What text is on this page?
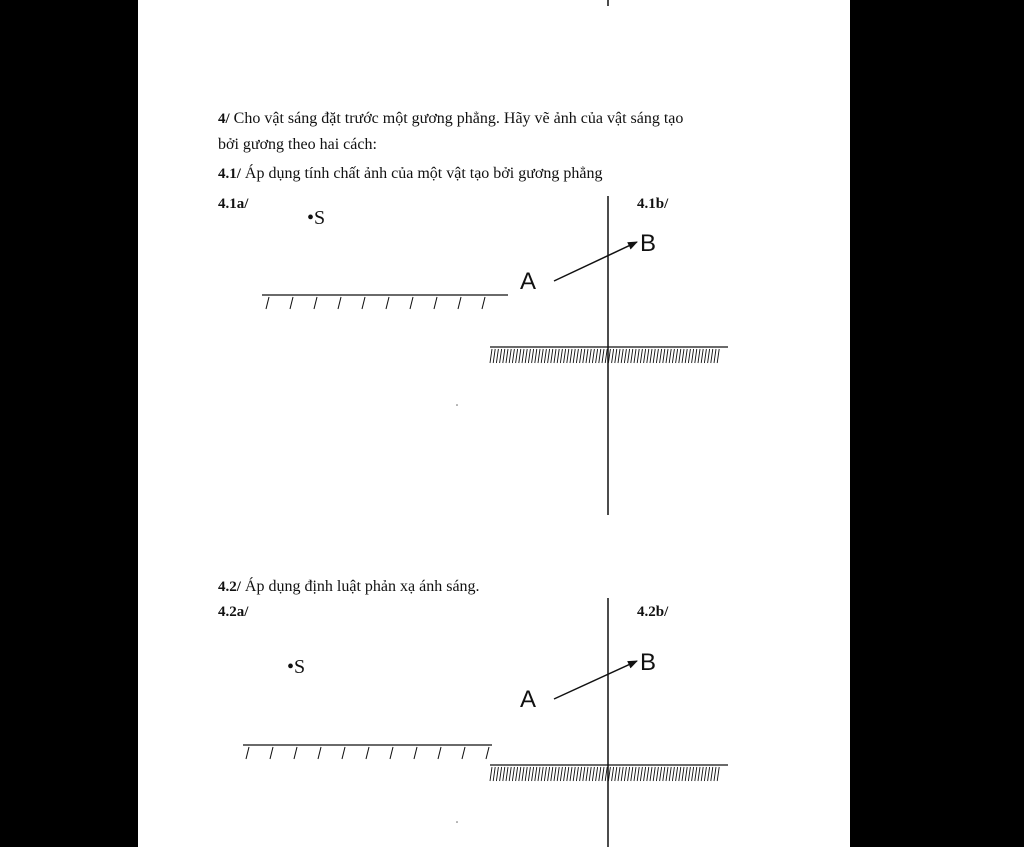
4/ Cho vật sáng đặt trước một gương phẳng. Hãy vẽ ảnh của vật sáng tạo
bởi gương theo hai cách:
4.1/ Áp dụng tính chất ảnh của một vật tạo bởi gương phẳng
4.1a/	4.1b/
•S
A
B
4.2/ Áp dụng định luật phản xạ ánh sáng.
4.2a/	4.2b/
•S
A
B
